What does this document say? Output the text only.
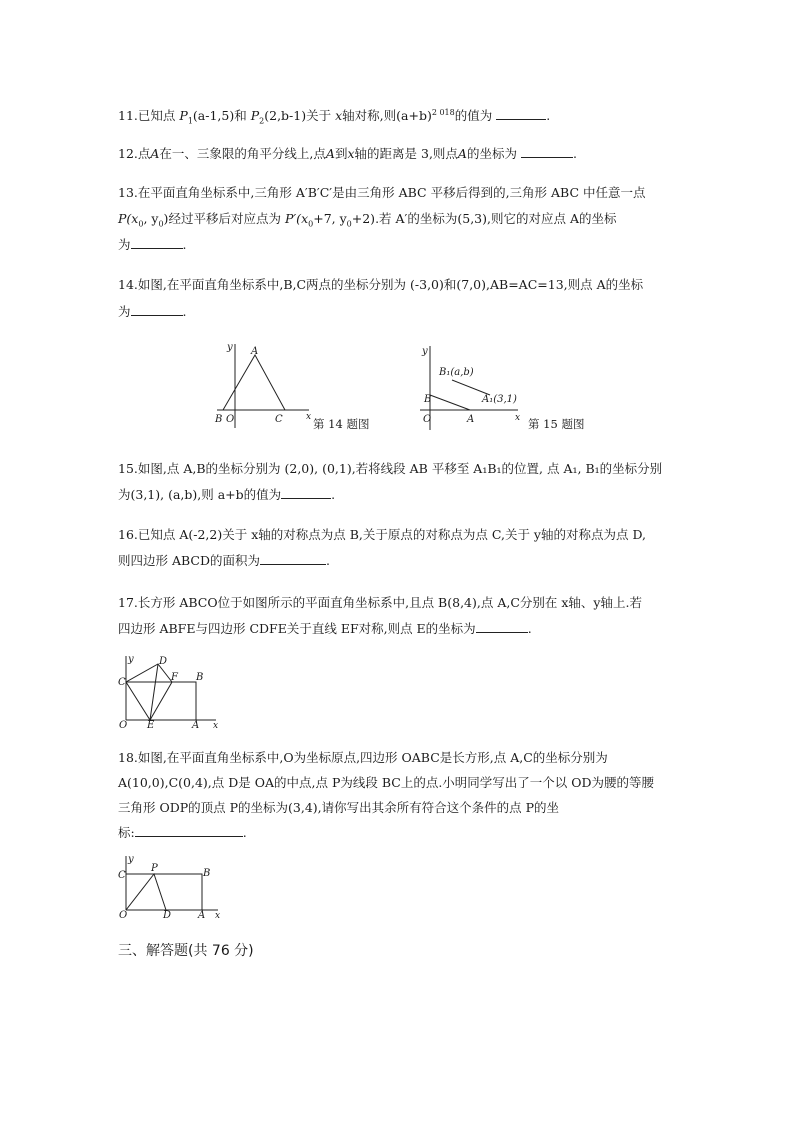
11.已知点 $P_1(a-1,5)$和 $P_2(2,b-1)$关于 x轴对称,则$(a+b)^{2 018}$的值为	.
12.点A在一、三象限的角平分线上,点A到x轴的距离是 3,则点A的坐标为	.
13.在平面直角坐标系中,三角形 A′B′C′是由三角形 ABC 平移后得到的,三角形 ABC 中任意一点
$P(x_0$, $y_0$)经过平移后对应点为 $P'(x_0+7$, $y_0+2$).若 A′的坐标为(5,3),则它的对应点 A的坐标
为	.
14.如图,在平面直角坐标系中,B,C两点的坐标分别为 (-3,0)和(7,0),AB=AC=13,则点 A的坐标
为	.
y A
O
B	C	x 第 14 题图
y
B₁(a,b)
A₁(3,1)
B
O	A	x 第 15 题图
15.如图,点 A,B的坐标分别为 (2,0), (0,1),若将线段 AB 平移至 A₁B₁的位置, 点 A₁, B₁的坐标分别
为(3,1), (a,b),则 a+b的值为	.
16.已知点 A(-2,2)关于 x轴的对称点为点 B,关于原点的对称点为点 C,关于 y轴的对称点为点 D,
则四边形 ABCD的面积为	.
17.长方形 ABCO位于如图所示的平面直角坐标系中,且点 B(8,4),点 A,C分别在 x轴、y轴上.若
四边形 ABFE与四边形 CDFE关于直线 EF对称,则点 E的坐标为	.
y	D
C	F B
O E	A x
18.如图,在平面直角坐标系中,O为坐标原点,四边形 OABC是长方形,点 A,C的坐标分别为
A(10,0),C(0,4),点 D是 OA的中点,点 P为线段 BC上的点.小明同学写出了一个以 OD为腰的等腰
三角形 ODP的顶点 P的坐标为(3,4),请你写出其余所有符合这个条件的点 P的坐
标:	.
y
P
C	B
O	D	A x
三、解答题(共 76 分)
